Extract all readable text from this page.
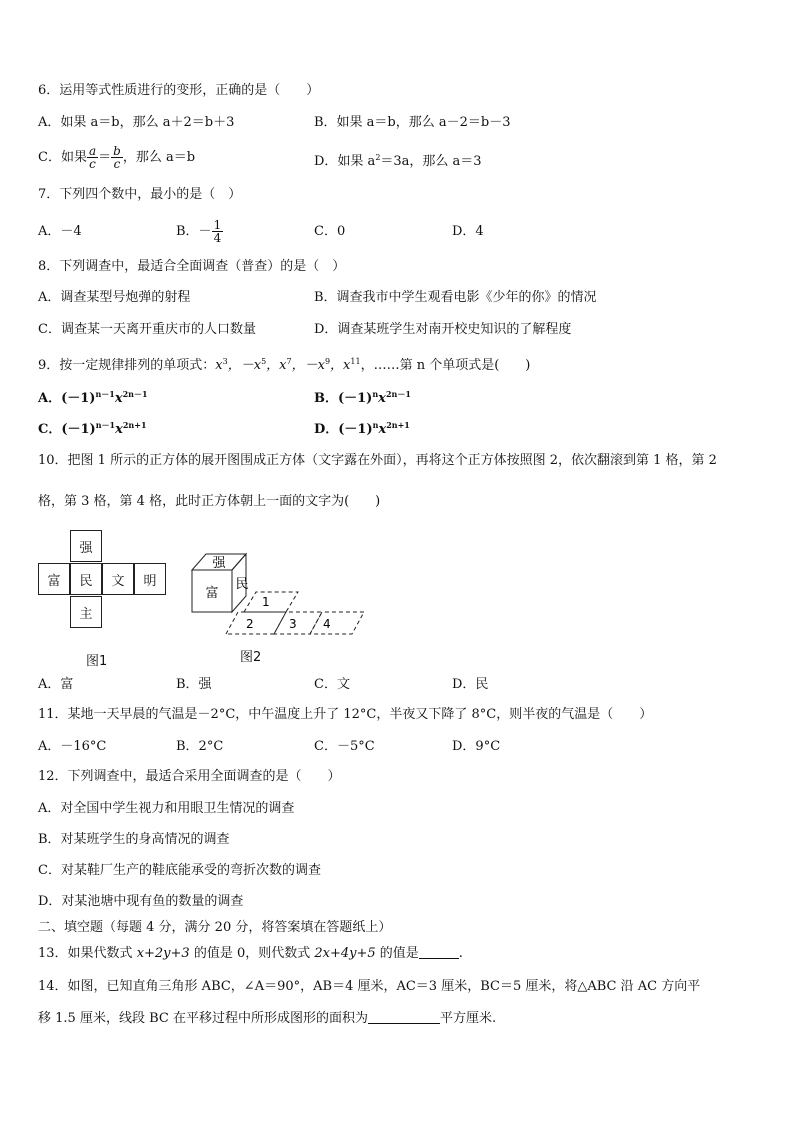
6．运用等式性质进行的变形，正确的是（　　）
A．如果 a＝b，那么 a＋2＝b＋3	B．如果 a＝b，那么 a－2＝b－3
C．如果 $\frac{a}{c} = \frac{b}{c}$ ，那么 a＝b	D．如果 $a^2=3a$，那么 a＝3
7．下列四个数中，最小的是（　）
A．－4	B．－ $\frac{1}{4}$	C．0	D．4
8．下列调查中，最适合全面调查（普查）的是（　）
A．调查某型号炮弹的射程	B．调查我市中学生观看电影《少年的你》的情况
C．调查某一天离开重庆市的人口数量	D．调查某班学生对南开校史知识的了解程度
9．按一定规律排列的单项式：$x^3$，$-x^5$，$x^7$，$-x^9$，$x^{11}$，……第 n 个单项式是(　　)
A．$(-1)^{n-1}x^{2n-1}$	B．$(-1)^nx^{2n-1}$
C．$(-1)^{n-1}x^{2n+1}$	D．$(-1)^nx^{2n+1}$
10．把图 1 所示的正方体的展开图围成正方体（文字露在外面），再将这个正方体按照图 2，依次翻滚到第 1 格，第 2
格，第 3 格，第 4 格，此时正方体朝上一面的文字为(　　)
强
富	民	文	明
主
图1
强
富
民
1
2	3 4
图2
A．富	B．强	C．文	D．民
11．某地一天早晨的气温是－2°C，中午温度上升了 12°C，半夜又下降了 8°C，则半夜的气温是（　　）
A．－16°C	B．2°C	C．－5°C	D．9°C
12．下列调查中，最适合采用全面调查的是（　　）
A．对全国中学生视力和用眼卫生情况的调查
B．对某班学生的身高情况的调查
C．对某鞋厂生产的鞋底能承受的弯折次数的调查
D．对某池塘中现有鱼的数量的调查
二、填空题（每题 4 分，满分 20 分，将答案填在答题纸上）
13．如果代数式 x+2y+3 的值是 0，则代数式 2x+4y+5 的值是	.
14．如图，已知直角三角形 ABC，∠A＝90°，AB＝4 厘米，AC＝3 厘米，BC＝5 厘米，将△ABC 沿 AC 方向平
移 1.5 厘米，线段 BC 在平移过程中所形成图形的面积为	平方厘米.
